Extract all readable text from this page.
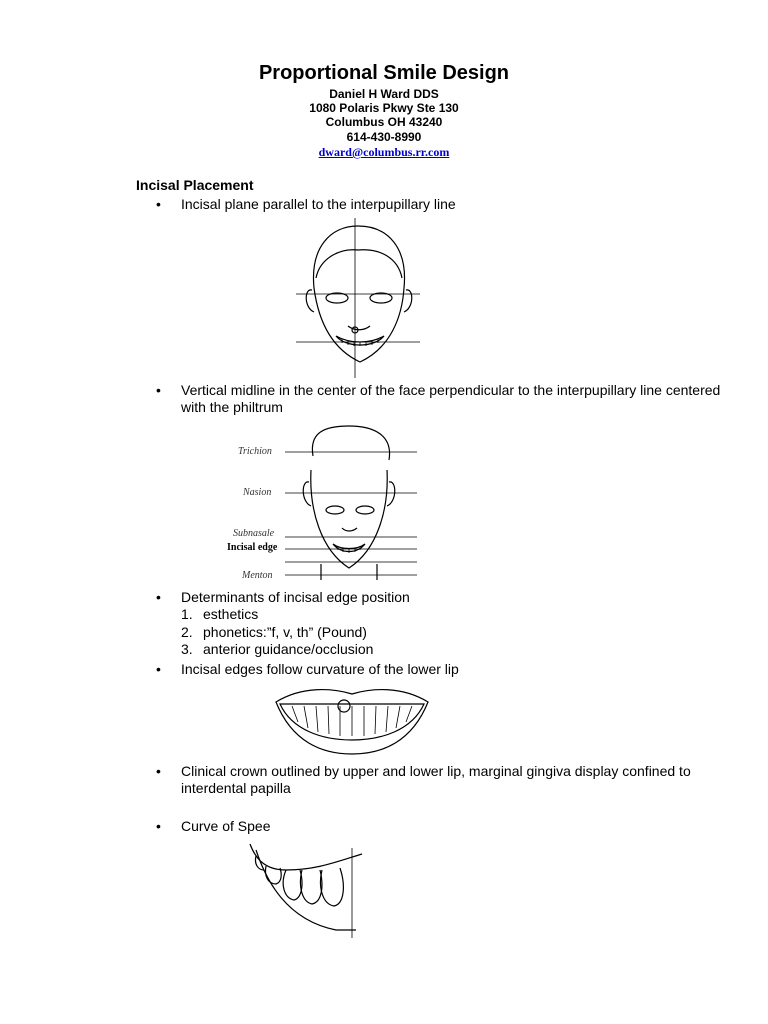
Proportional Smile Design
Daniel H Ward DDS
1080 Polaris Pkwy Ste 130
Columbus OH 43240
614-430-8990
dward@columbus.rr.com
Incisal Placement
• Incisal plane parallel to the interpupillary line
• Vertical midline in the center of the face perpendicular to the interpupillary line centered with the philtrum
Trichion
Nasion
Subnasale
Incisal edge
Menton
• Determinants of incisal edge position
1. esthetics
2. phonetics:”f, v, th” (Pound)
3. anterior guidance/occlusion
• Incisal edges follow curvature of the lower lip
• Clinical crown outlined by upper and lower lip, marginal gingiva display confined to interdental papilla
• Curve of Spee
